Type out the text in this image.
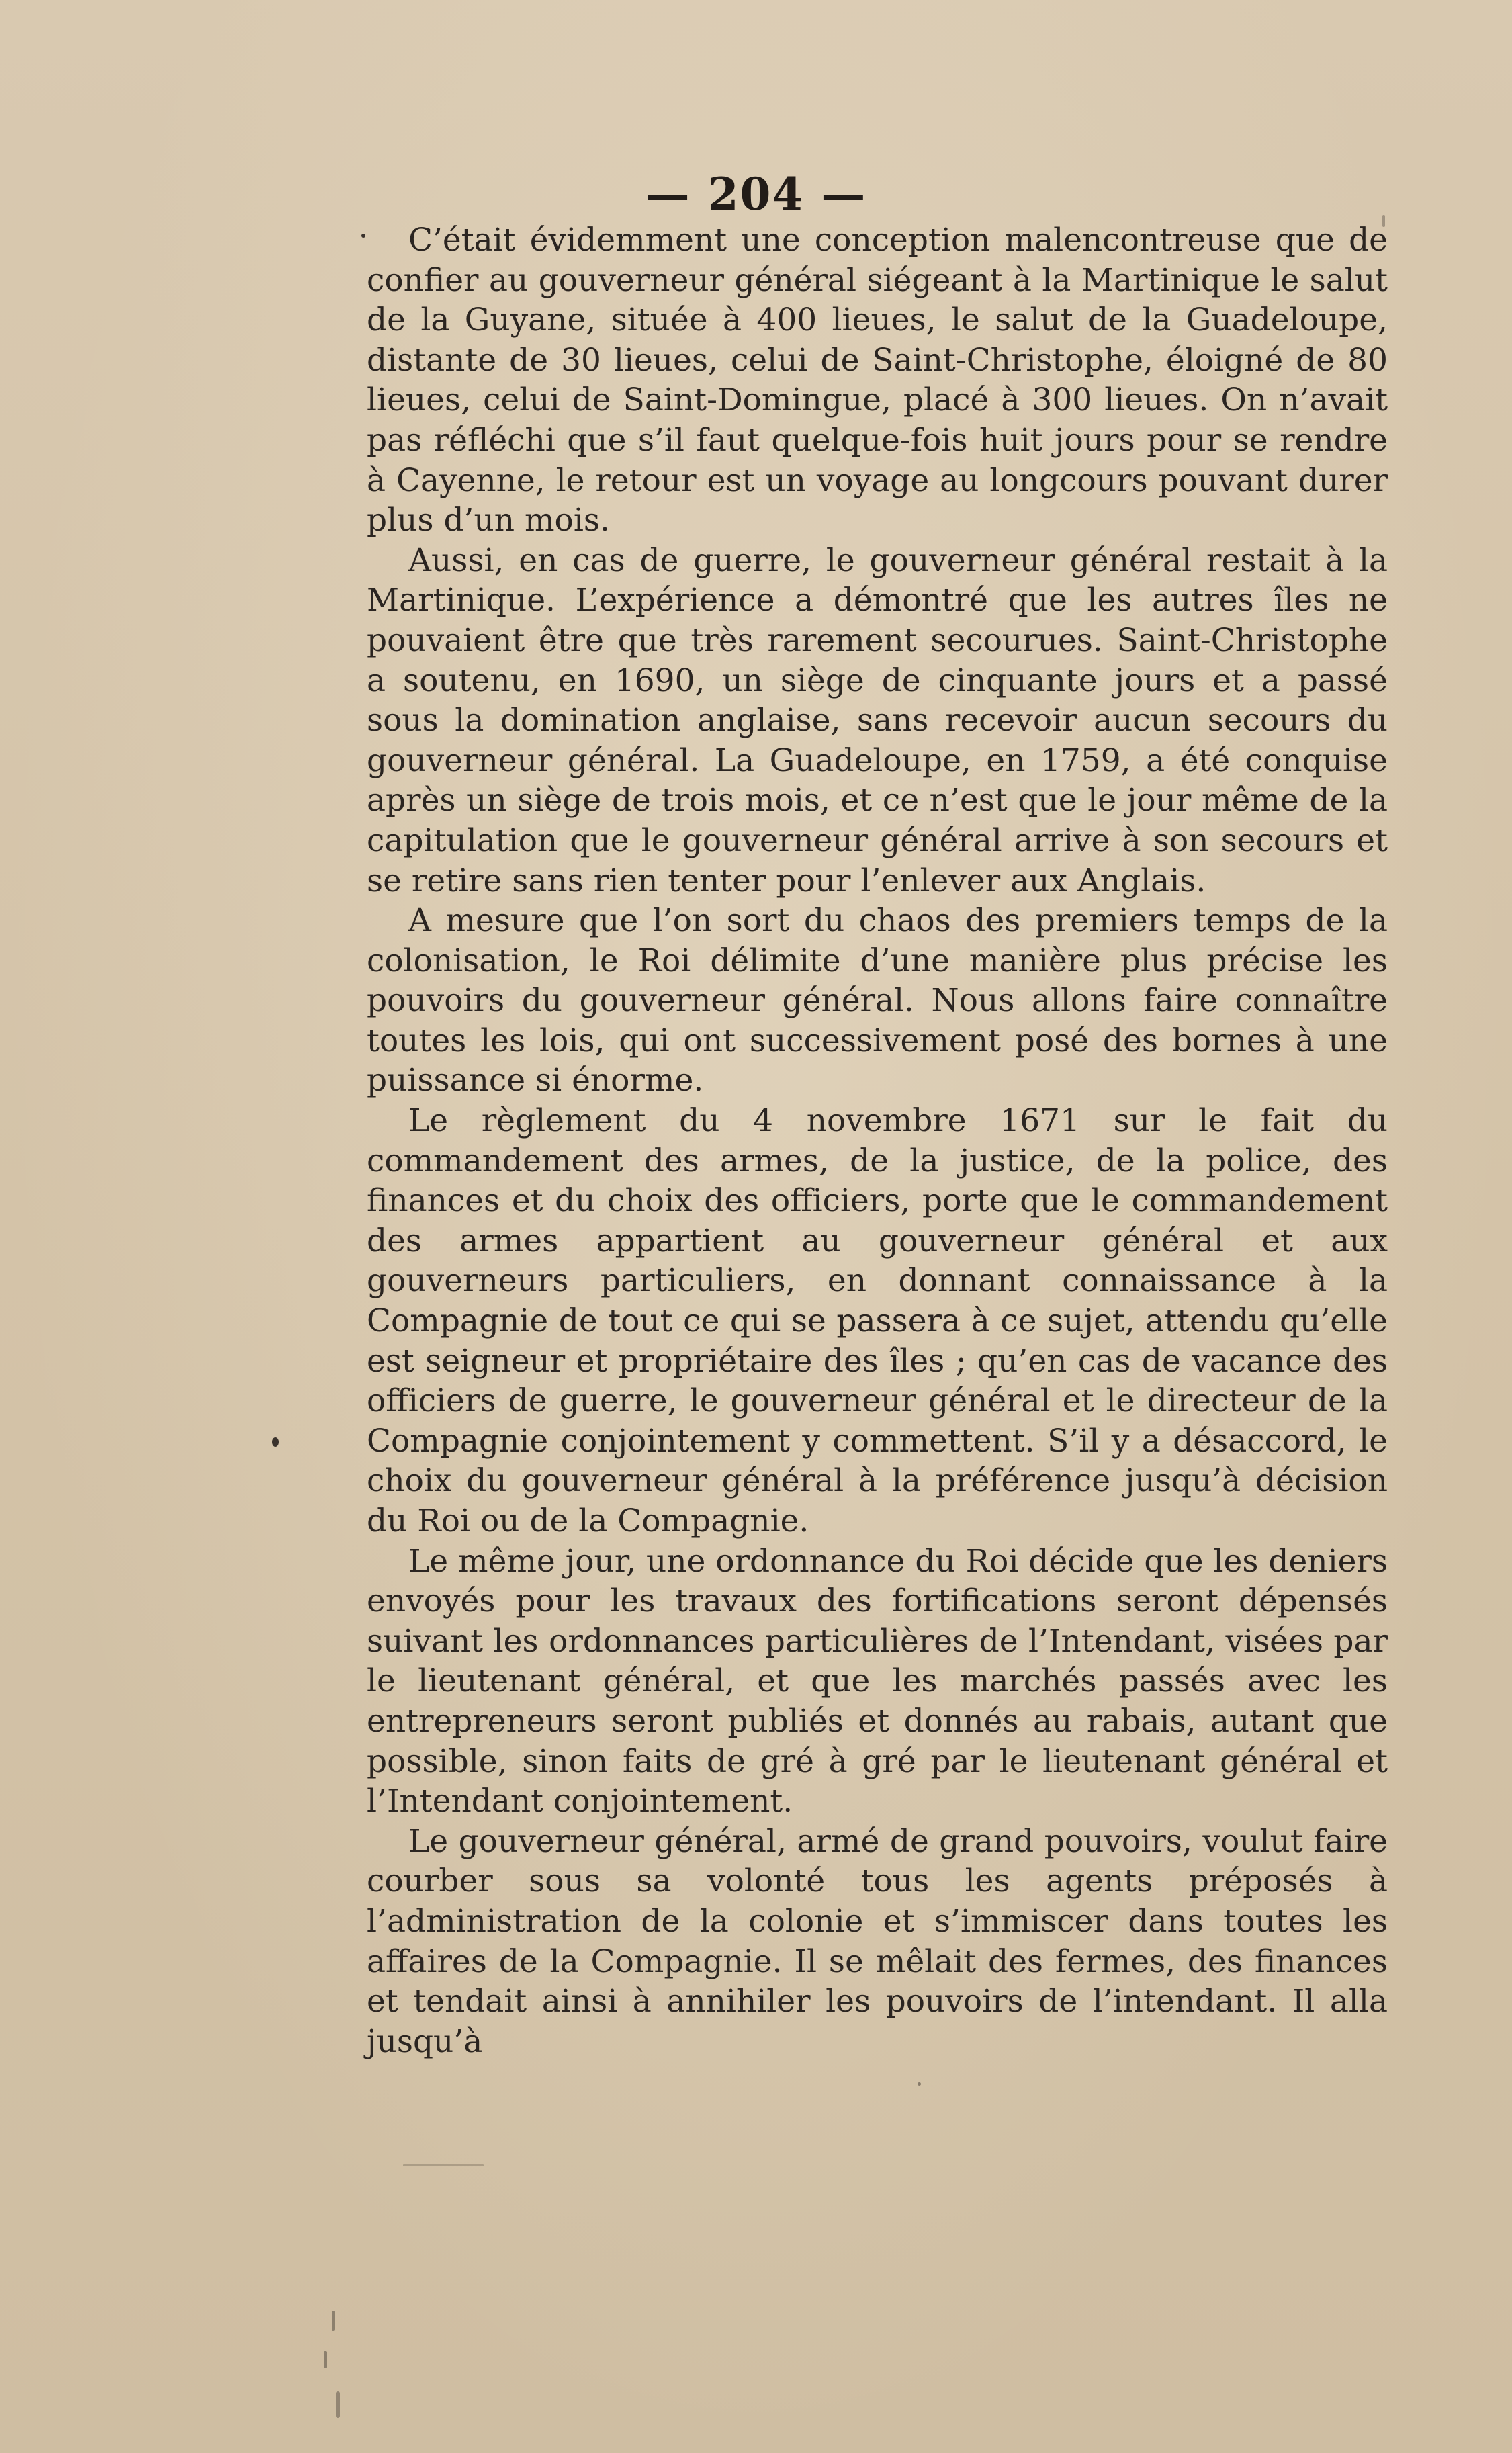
— 204 —

C’était évidemment une conception malencontreuse que de confier au gouverneur général siégeant à la Martinique le salut de la Guyane, située à 400 lieues, le salut de la Guadeloupe, distante de 30 lieues, celui de Saint-Christophe, éloigné de 80 lieues, celui de Saint-Domingue, placé à 300 lieues. On n’avait pas réfléchi que s’il faut quelque-fois huit jours pour se rendre à Cayenne, le retour est un voyage au longcours pouvant durer plus d’un mois.

Aussi, en cas de guerre, le gouverneur général restait à la Martinique. L’expérience a démontré que les autres îles ne pouvaient être que très rarement secourues. Saint-Christophe a soutenu, en 1690, un siège de cinquante jours et a passé sous la domination anglaise, sans recevoir aucun secours du gouverneur général. La Guadeloupe, en 1759, a été conquise après un siège de trois mois, et ce n’est que le jour même de la capitulation que le gouverneur général arrive à son secours et se retire sans rien tenter pour l’enlever aux Anglais.

A mesure que l’on sort du chaos des premiers temps de la colonisation, le Roi délimite d’une manière plus précise les pouvoirs du gouverneur général. Nous allons faire connaître toutes les lois, qui ont successivement posé des bornes à une puissance si énorme.

Le règlement du 4 novembre 1671 sur le fait du commandement des armes, de la justice, de la police, des finances et du choix des officiers, porte que le commandement des armes appartient au gouverneur général et aux gouverneurs particuliers, en donnant connaissance à la Compagnie de tout ce qui se passera à ce sujet, attendu qu’elle est seigneur et propriétaire des îles ; qu’en cas de vacance des officiers de guerre, le gouverneur général et le directeur de la Compagnie conjointement y commettent. S’il y a désaccord, le choix du gouverneur général à la préférence jusqu’à décision du Roi ou de la Compagnie.

Le même jour, une ordonnance du Roi décide que les deniers envoyés pour les travaux des fortifications seront dépensés suivant les ordonnances particulières de l’Intendant, visées par le lieutenant général, et que les marchés passés avec les entrepreneurs seront publiés et donnés au rabais, autant que possible, sinon faits de gré à gré par le lieutenant général et l’Intendant conjointement.

Le gouverneur général, armé de grand pouvoirs, voulut faire courber sous sa volonté tous les agents préposés à l’administration de la colonie et s’immiscer dans toutes les affaires de la Compagnie. Il se mêlait des fermes, des finances et tendait ainsi à annihiler les pouvoirs de l’intendant. Il alla jusqu’à
